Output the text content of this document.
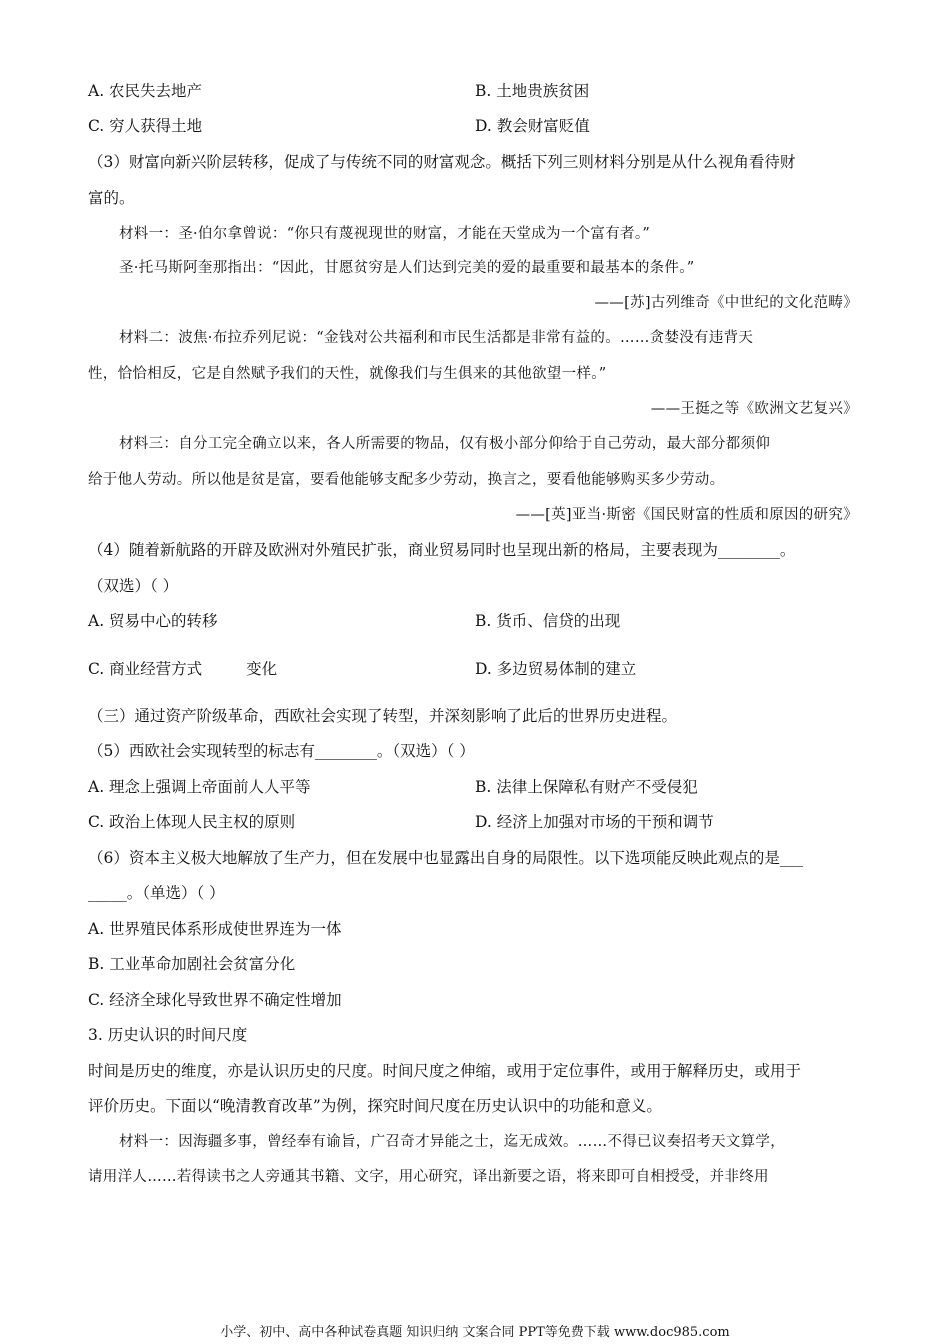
A. 农民失去地产	B. 土地贵族贫困
C. 穷人获得土地	D. 教会财富贬值
（3）财富向新兴阶层转移，促成了与传统不同的财富观念。概括下列三则材料分别是从什么视角看待财
富的。
材料一：圣·伯尔拿曾说：“你只有蔑视现世的财富，才能在天堂成为一个富有者。”
圣·托马斯阿奎那指出：“因此，甘愿贫穷是人们达到完美的爱的最重要和最基本的条件。”
——[苏]古列维奇《中世纪的文化范畴》
材料二：波焦·布拉乔列尼说：“金钱对公共福利和市民生活都是非常有益的。……贪婪没有违背天
性，恰恰相反，它是自然赋予我们的天性，就像我们与生俱来的其他欲望一样。”
——王挺之等《欧洲文艺复兴》
材料三：自分工完全确立以来，各人所需要的物品，仅有极小部分仰给于自己劳动，最大部分都须仰
给于他人劳动。所以他是贫是富，要看他能够支配多少劳动，换言之，要看他能够购买多少劳动。
——[英]亚当·斯密《国民财富的性质和原因的研究》
（4）随着新航路的开辟及欧洲对外殖民扩张，商业贸易同时也呈现出新的格局，主要表现为________。
（双选）（ ）
A. 贸易中心的转移	B. 货币、信贷的出现
C. 商业经营方式	变化	D. 多边贸易体制的建立
（三）通过资产阶级革命，西欧社会实现了转型，并深刻影响了此后的世界历史进程。
（5）西欧社会实现转型的标志有________。（双选）（ ）
A. 理念上强调上帝面前人人平等	B. 法律上保障私有财产不受侵犯
C. 政治上体现人民主权的原则	D. 经济上加强对市场的干预和调节
（6）资本主义极大地解放了生产力，但在发展中也显露出自身的局限性。以下选项能反映此观点的是___
_____。（单选）（ ）
A. 世界殖民体系形成使世界连为一体
B. 工业革命加剧社会贫富分化
C. 经济全球化导致世界不确定性增加
3. 历史认识的时间尺度
时间是历史的维度，亦是认识历史的尺度。时间尺度之伸缩，或用于定位事件，或用于解释历史，或用于
评价历史。下面以“晚清教育改革”为例，探究时间尺度在历史认识中的功能和意义。
材料一：因海疆多事，曾经奉有谕旨，广召奇才异能之士，迄无成效。……不得已议奏招考天文算学，
请用洋人……若得读书之人旁通其书籍、文字，用心研究，译出新要之语，将来即可自相授受，并非终用
小学、初中、高中各种试卷真题 知识归纳 文案合同 PPT等免费下载 www.doc985.com
